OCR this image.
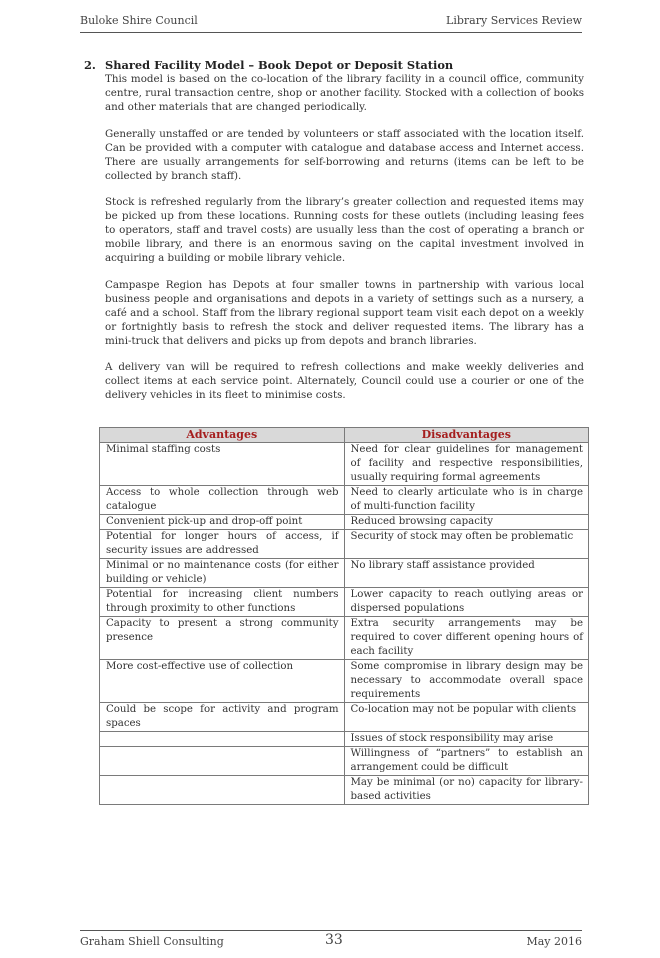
Buloke Shire Council	Library Services Review
2. Shared Facility Model – Book Depot or Deposit Station

This model is based on the co-location of the library facility in a council office, community centre, rural transaction centre, shop or another facility. Stocked with a collection of books and other materials that are changed periodically.

Generally unstaffed or are tended by volunteers or staff associated with the location itself. Can be provided with a computer with catalogue and database access and Internet access. There are usually arrangements for self-borrowing and returns (items can be left to be collected by branch staff).

Stock is refreshed regularly from the library’s greater collection and requested items may be picked up from these locations. Running costs for these outlets (including leasing fees to operators, staff and travel costs) are usually less than the cost of operating a branch or mobile library, and there is an enormous saving on the capital investment involved in acquiring a building or mobile library vehicle.

Campaspe Region has Depots at four smaller towns in partnership with various local business people and organisations and depots in a variety of settings such as a nursery, a café and a school. Staff from the library regional support team visit each depot on a weekly or fortnightly basis to refresh the stock and deliver requested items. The library has a mini-truck that delivers and picks up from depots and branch libraries.

A delivery van will be required to refresh collections and make weekly deliveries and collect items at each service point. Alternately, Council could use a courier or one of the delivery vehicles in its fleet to minimise costs.

Advantages	Disadvantages
Minimal staffing costs	Need for clear guidelines for management of facility and respective responsibilities, usually requiring formal agreements
Access to whole collection through web catalogue	Need to clearly articulate who is in charge of multi-function facility
Convenient pick-up and drop-off point	Reduced browsing capacity
Potential for longer hours of access, if security issues are addressed	Security of stock may often be problematic
Minimal or no maintenance costs (for either building or vehicle)	No library staff assistance provided
Potential for increasing client numbers through proximity to other functions	Lower capacity to reach outlying areas or dispersed populations
Capacity to present a strong community presence	Extra security arrangements may be required to cover different opening hours of each facility
More cost-effective use of collection	Some compromise in library design may be necessary to accommodate overall space requirements
Could be scope for activity and program spaces	Co-location may not be popular with clients
	Issues of stock responsibility may arise
	Willingness of “partners” to establish an arrangement could be difficult
	May be minimal (or no) capacity for library-based activities
Graham Shiell Consulting	33	May 2016
